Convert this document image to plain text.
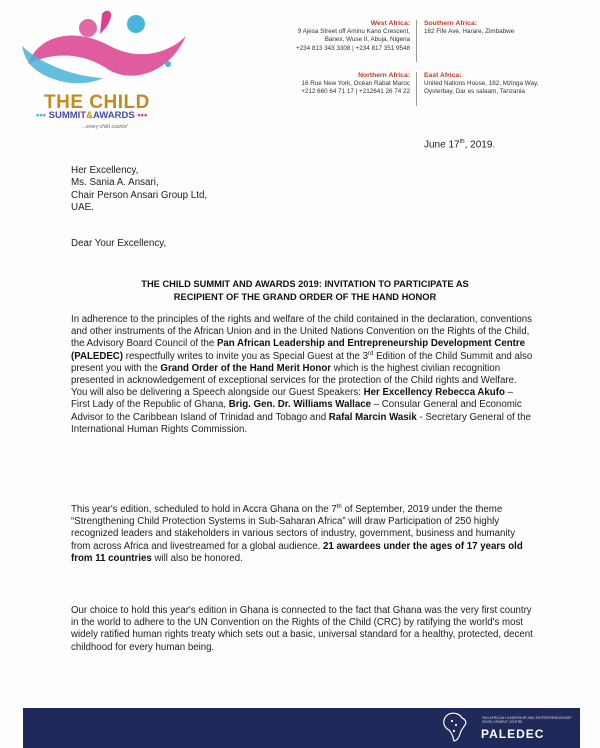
THE CHILD
••• SUMMIT&AWARDS •••
...every child counts!
West Africa:
9 Ajesa Street off Aminu Kano Crescent,
Banex, Wuse II, Abuja, Nigeria
+234 813 343 3308 | +234 817 351 9548
Southern Africa:
162 Fife Ave, Harare, Zimbabwe
Northern Africa:
16 Rue New York, Océan Rabat Maroc
+212 660 64 71 17 | +212641 26 74 22
East Africa:
United Nations House, 182, Mzinga Way,
Oysterbay, Dar es salaam, Tanzania
June 17th, 2019.
Her Excellency,
Ms. Sania A. Ansari,
Chair Person Ansari Group Ltd,
UAE.
Dear Your Excellency,
THE CHILD SUMMIT AND AWARDS 2019: INVITATION TO PARTICIPATE AS
RECIPIENT OF THE GRAND ORDER OF THE HAND HONOR
In adherence to the principles of the rights and welfare of the child contained in the declaration, conventions and other instruments of the African Union and in the United Nations Convention on the Rights of the Child, the Advisory Board Council of the Pan African Leadership and Entrepreneurship Development Centre (PALEDEC) respectfully writes to invite you as Special Guest at the 3rd Edition of the Child Summit and also present you with the Grand Order of the Hand Merit Honor which is the highest civilian recognition presented in acknowledgement of exceptional services for the protection of the Child rights and Welfare. You will also be delivering a Speech alongside our Guest Speakers: Her Excellency Rebecca Akufo – First Lady of the Republic of Ghana, Brig. Gen. Dr. Williams Wallace – Consular General and Economic Advisor to the Caribbean Island of Trinidad and Tobago and Rafal Marcin Wasik - Secretary General of the International Human Rights Commission.
This year's edition, scheduled to hold in Accra Ghana on the 7th of September, 2019 under the theme “Strengthening Child Protection Systems in Sub-Saharan Africa” will draw Participation of 250 highly recognized leaders and stakeholders in various sectors of industry, government, business and humanity from across Africa and livestreamed for a global audience. 21 awardees under the ages of 17 years old from 11 countries will also be honored.
Our choice to hold this year's edition in Ghana is connected to the fact that Ghana was the very first country in the world to adhere to the UN Convention on the Rights of the Child (CRC) by ratifying the world's most widely ratified human rights treaty which sets out a basic, universal standard for a healthy, protected, decent childhood for every human being.
PAN AFRICAN LEADERSHIP AND ENTREPRENEURSHIP DEVELOPMENT CENTRE
PALEDEC
